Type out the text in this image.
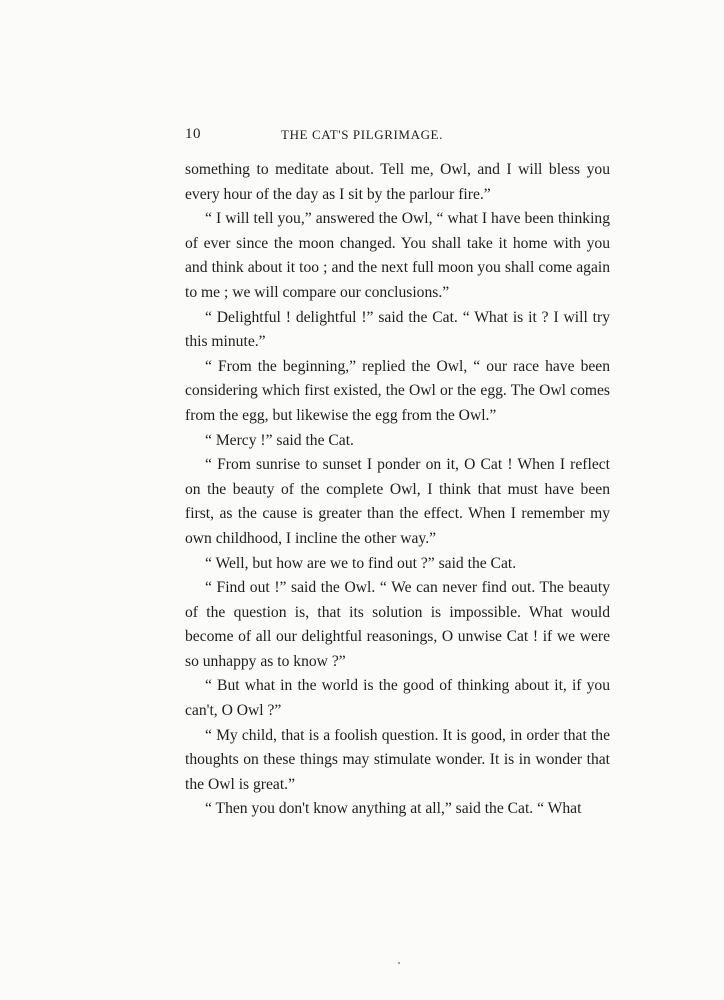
10	THE CAT'S PILGRIMAGE.

something to meditate about. Tell me, Owl, and I will bless you every hour of the day as I sit by the parlour fire.”

“ I will tell you,” answered the Owl, “ what I have been thinking of ever since the moon changed. You shall take it home with you and think about it too ; and the next full moon you shall come again to me ; we will compare our conclusions.”

“ Delightful ! delightful !” said the Cat. “ What is it ? I will try this minute.”

“ From the beginning,” replied the Owl, “ our race have been considering which first existed, the Owl or the egg. The Owl comes from the egg, but likewise the egg from the Owl.”

“ Mercy !” said the Cat.

“ From sunrise to sunset I ponder on it, O Cat ! When I reflect on the beauty of the complete Owl, I think that must have been first, as the cause is greater than the effect. When I remember my own childhood, I incline the other way.”

“ Well, but how are we to find out ?” said the Cat.

“ Find out !” said the Owl. “ We can never find out. The beauty of the question is, that its solution is impossible. What would become of all our delightful reasonings, O unwise Cat ! if we were so unhappy as to know ?”

“ But what in the world is the good of thinking about it, if you can't, O Owl ?”

“ My child, that is a foolish question. It is good, in order that the thoughts on these things may stimulate wonder. It is in wonder that the Owl is great.”

“ Then you don't know anything at all,” said the Cat. “ What
